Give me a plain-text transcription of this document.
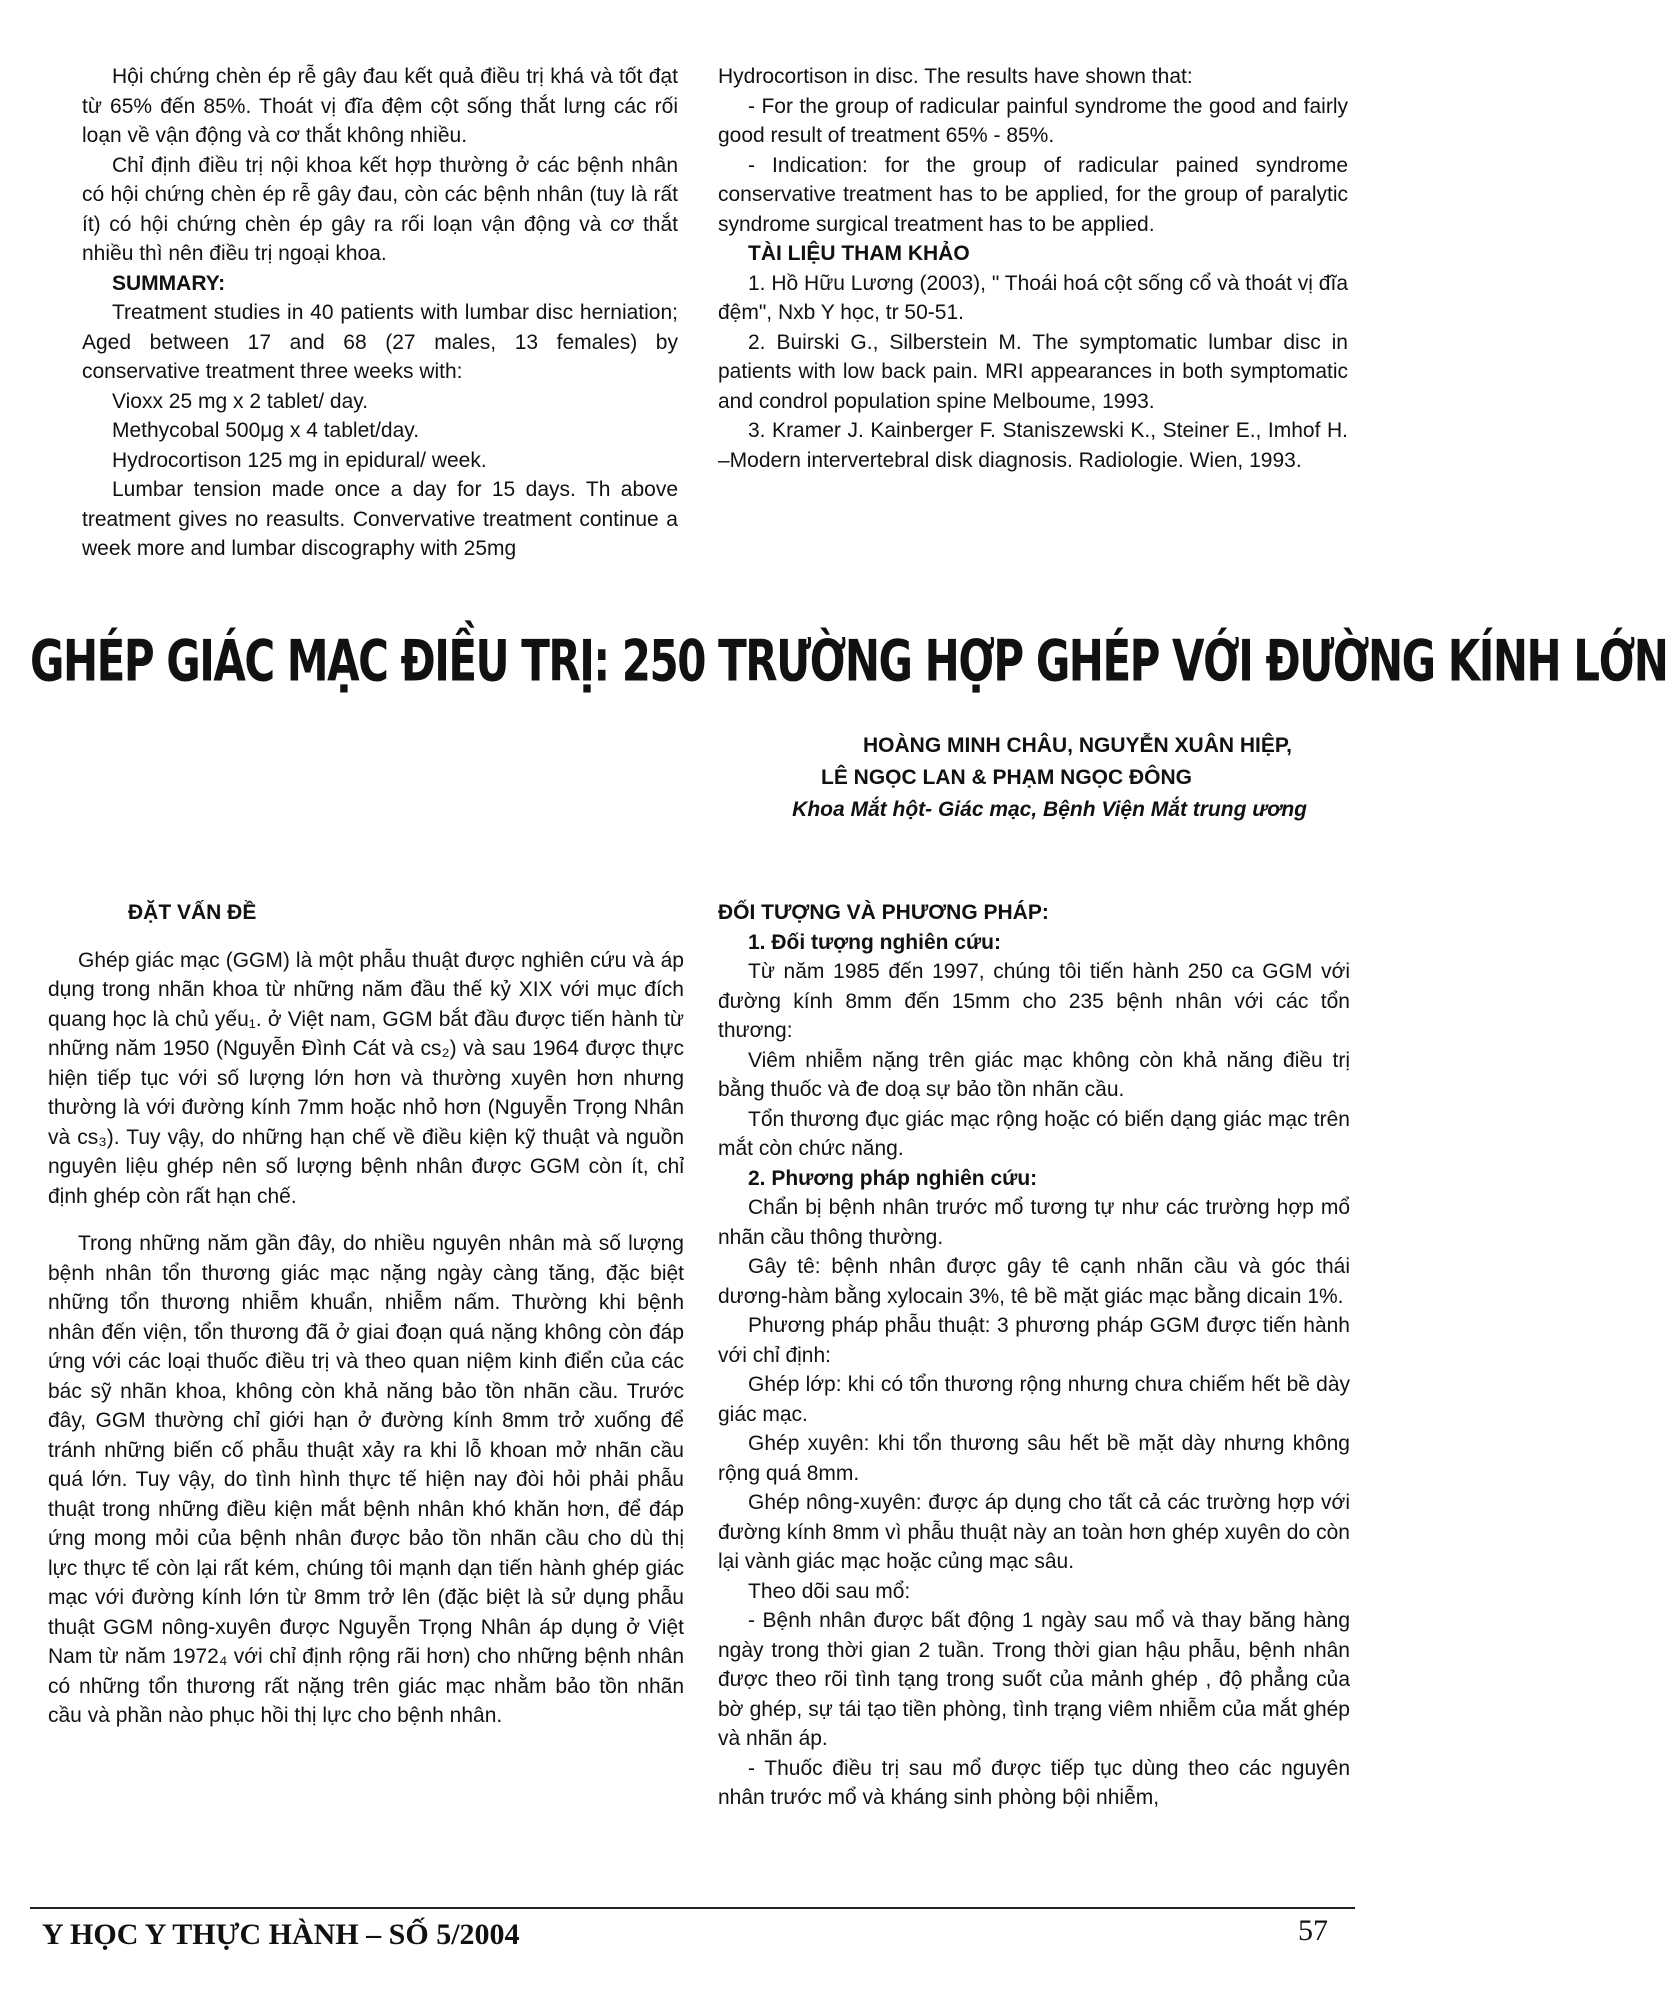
Hội chứng chèn ép rễ gây đau kết quả điều trị khá và tốt đạt từ 65% đến 85%. Thoát vị đĩa đệm cột sống thắt lưng các rối loạn về vận động và cơ thắt không nhiều.

Chỉ định điều trị nội khoa kết hợp thường ở các bệnh nhân có hội chứng chèn ép rễ gây đau, còn các bệnh nhân (tuy là rất ít) có hội chứng chèn ép gây ra rối loạn vận động và cơ thắt nhiều thì nên điều trị ngoại khoa.

SUMMARY:

Treatment studies in 40 patients with lumbar disc herniation; Aged between 17 and 68 (27 males, 13 females) by conservative treatment three weeks with:

Vioxx 25 mg x 2 tablet/ day.

Methycobal 500μg x 4 tablet/day.

Hydrocortison 125 mg in epidural/ week.

Lumbar tension made once a day for 15 days. Th above treatment gives no reasults. Convervative treatment continue a week more and lumbar discography with 25mg

Hydrocortison in disc. The results have shown that:

- For the group of radicular painful syndrome the good and fairly good result of treatment 65% - 85%.

- Indication: for the group of radicular pained syndrome conservative treatment has to be applied, for the group of paralytic syndrome surgical treatment has to be applied.

TÀI LIỆU THAM KHẢO

1. Hồ Hữu Lương (2003), " Thoái hoá cột sống cổ và thoát vị đĩa đệm", Nxb Y học, tr 50-51.

2. Buirski G., Silberstein M. The symptomatic lumbar disc in patients with low back pain. MRI appearances in both symptomatic and condrol population spine Melboume, 1993.

3. Kramer J. Kainberger F. Staniszewski K., Steiner E., Imhof H. –Modern intervertebral disk diagnosis. Radiologie. Wien, 1993.

GHÉP GIÁC MẠC ĐIỀU TRỊ: 250 TRƯỜNG HỢP GHÉP VỚI ĐƯỜNG KÍNH LỚN
HOÀNG MINH CHÂU, NGUYỄN XUÂN HIỆP,
LÊ NGỌC LAN & PHẠM NGỌC ĐÔNG
Khoa Mắt hột- Giác mạc, Bệnh Viện Mắt trung ương
ĐẶT VẤN ĐỀ

Ghép giác mạc (GGM) là một phẫu thuật được nghiên cứu và áp dụng trong nhãn khoa từ những năm đầu thế kỷ XIX với mục đích quang học là chủ yếu₁. ở Việt nam, GGM bắt đầu được tiến hành từ những năm 1950 (Nguyễn Đình Cát và cs₂) và sau 1964 được thực hiện tiếp tục với số lượng lớn hơn và thường xuyên hơn nhưng thường là với đường kính 7mm hoặc nhỏ hơn (Nguyễn Trọng Nhân và cs₃). Tuy vậy, do những hạn chế về điều kiện kỹ thuật và nguồn nguyên liệu ghép nên số lượng bệnh nhân được GGM còn ít, chỉ định ghép còn rất hạn chế.

Trong những năm gần đây, do nhiều nguyên nhân mà số lượng bệnh nhân tổn thương giác mạc nặng ngày càng tăng, đặc biệt những tổn thương nhiễm khuẩn, nhiễm nấm. Thường khi bệnh nhân đến viện, tổn thương đã ở giai đoạn quá nặng không còn đáp ứng với các loại thuốc điều trị và theo quan niệm kinh điển của các bác sỹ nhãn khoa, không còn khả năng bảo tồn nhãn cầu. Trước đây, GGM thường chỉ giới hạn ở đường kính 8mm trở xuống để tránh những biến cố phẫu thuật xảy ra khi lỗ khoan mở nhãn cầu quá lớn. Tuy vậy, do tình hình thực tế hiện nay đòi hỏi phải phẫu thuật trong những điều kiện mắt bệnh nhân khó khăn hơn, để đáp ứng mong mỏi của bệnh nhân được bảo tồn nhãn cầu cho dù thị lực thực tế còn lại rất kém, chúng tôi mạnh dạn tiến hành ghép giác mạc với đường kính lớn từ 8mm trở lên (đặc biệt là sử dụng phẫu thuật GGM nông-xuyên được Nguyễn Trọng Nhân áp dụng ở Việt Nam từ năm 1972₄ với chỉ định rộng rãi hơn) cho những bệnh nhân có những tổn thương rất nặng trên giác mạc nhằm bảo tồn nhãn cầu và phần nào phục hồi thị lực cho bệnh nhân.

ĐỐI TƯỢNG VÀ PHƯƠNG PHÁP:
1. Đối tượng nghiên cứu:

Từ năm 1985 đến 1997, chúng tôi tiến hành 250 ca GGM với đường kính 8mm đến 15mm cho 235 bệnh nhân với các tổn thương:

Viêm nhiễm nặng trên giác mạc không còn khả năng điều trị bằng thuốc và đe doạ sự bảo tồn nhãn cầu.

Tổn thương đục giác mạc rộng hoặc có biến dạng giác mạc trên mắt còn chức năng.

2. Phương pháp nghiên cứu:

Chẩn bị bệnh nhân trước mổ tương tự như các trường hợp mổ nhãn cầu thông thường.

Gây tê: bệnh nhân được gây tê cạnh nhãn cầu và góc thái dương-hàm bằng xylocain 3%, tê bề mặt giác mạc bằng dicain 1%.

Phương pháp phẫu thuật: 3 phương pháp GGM được tiến hành với chỉ định:

Ghép lớp: khi có tổn thương rộng nhưng chưa chiếm hết bề dày giác mạc.

Ghép xuyên: khi tổn thương sâu hết bề mặt dày nhưng không rộng quá 8mm.

Ghép nông-xuyên: được áp dụng cho tất cả các trường hợp với đường kính 8mm vì phẫu thuật này an toàn hơn ghép xuyên do còn lại vành giác mạc hoặc củng mạc sâu.

Theo dõi sau mổ:

- Bệnh nhân được bất động 1 ngày sau mổ và thay băng hàng ngày trong thời gian 2 tuần. Trong thời gian hậu phẫu, bệnh nhân được theo rõi tình tạng trong suốt của mảnh ghép , độ phẳng của bờ ghép, sự tái tạo tiền phòng, tình trạng viêm nhiễm của mắt ghép và nhãn áp.

- Thuốc điều trị sau mổ được tiếp tục dùng theo các nguyên nhân trước mổ và kháng sinh phòng bội nhiễm,

Y HỌC Y THỰC HÀNH – SỐ 5/2004	57
